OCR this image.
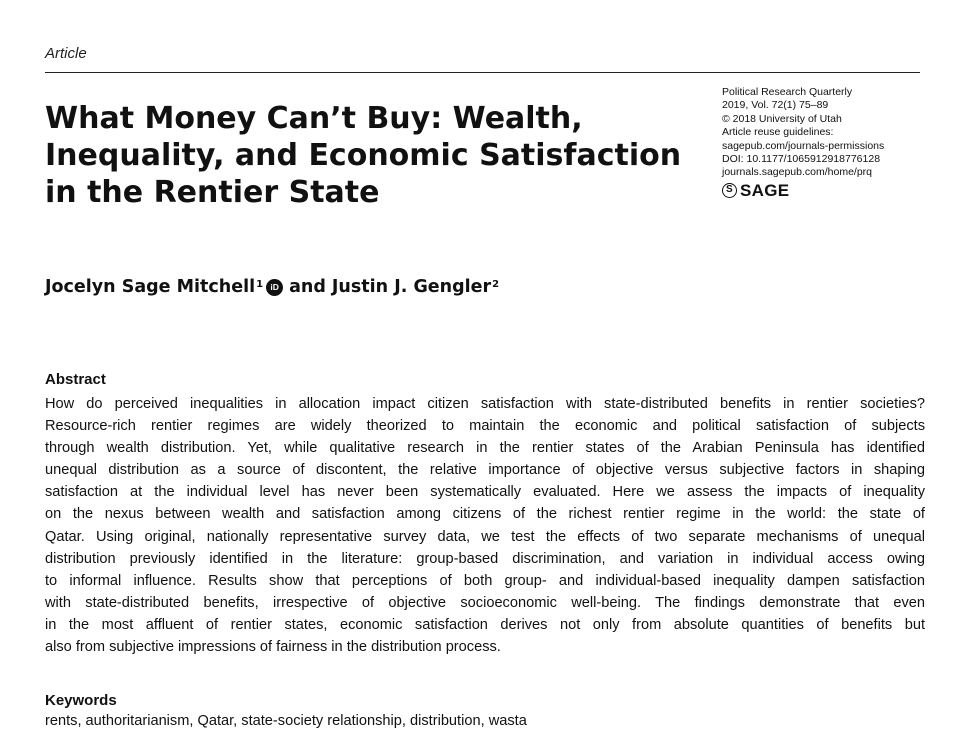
Article
What Money Can’t Buy: Wealth,
Inequality, and Economic Satisfaction
in the Rentier State
Political Research Quarterly
2019, Vol. 72(1) 75–89
© 2018 University of Utah
Article reuse guidelines:
sagepub.com/journals-permissions
DOI: 10.1177/1065912918776128
journals.sagepub.com/home/prq
S SAGE
Jocelyn Sage Mitchell$^1$ iD and Justin J. Gengler$^2$
Abstract
How do perceived inequalities in allocation impact citizen satisfaction with state-distributed benefits in rentier societies?
Resource-rich rentier regimes are widely theorized to maintain the economic and political satisfaction of subjects
through wealth distribution. Yet, while qualitative research in the rentier states of the Arabian Peninsula has identified
unequal distribution as a source of discontent, the relative importance of objective versus subjective factors in shaping
satisfaction at the individual level has never been systematically evaluated. Here we assess the impacts of inequality
on the nexus between wealth and satisfaction among citizens of the richest rentier regime in the world: the state of
Qatar. Using original, nationally representative survey data, we test the effects of two separate mechanisms of unequal
distribution previously identified in the literature: group-based discrimination, and variation in individual access owing
to informal influence. Results show that perceptions of both group- and individual-based inequality dampen satisfaction
with state-distributed benefits, irrespective of objective socioeconomic well-being. The findings demonstrate that even
in the most affluent of rentier states, economic satisfaction derives not only from absolute quantities of benefits but
also from subjective impressions of fairness in the distribution process.
Keywords
rents, authoritarianism, Qatar, state-society relationship, distribution, wasta
